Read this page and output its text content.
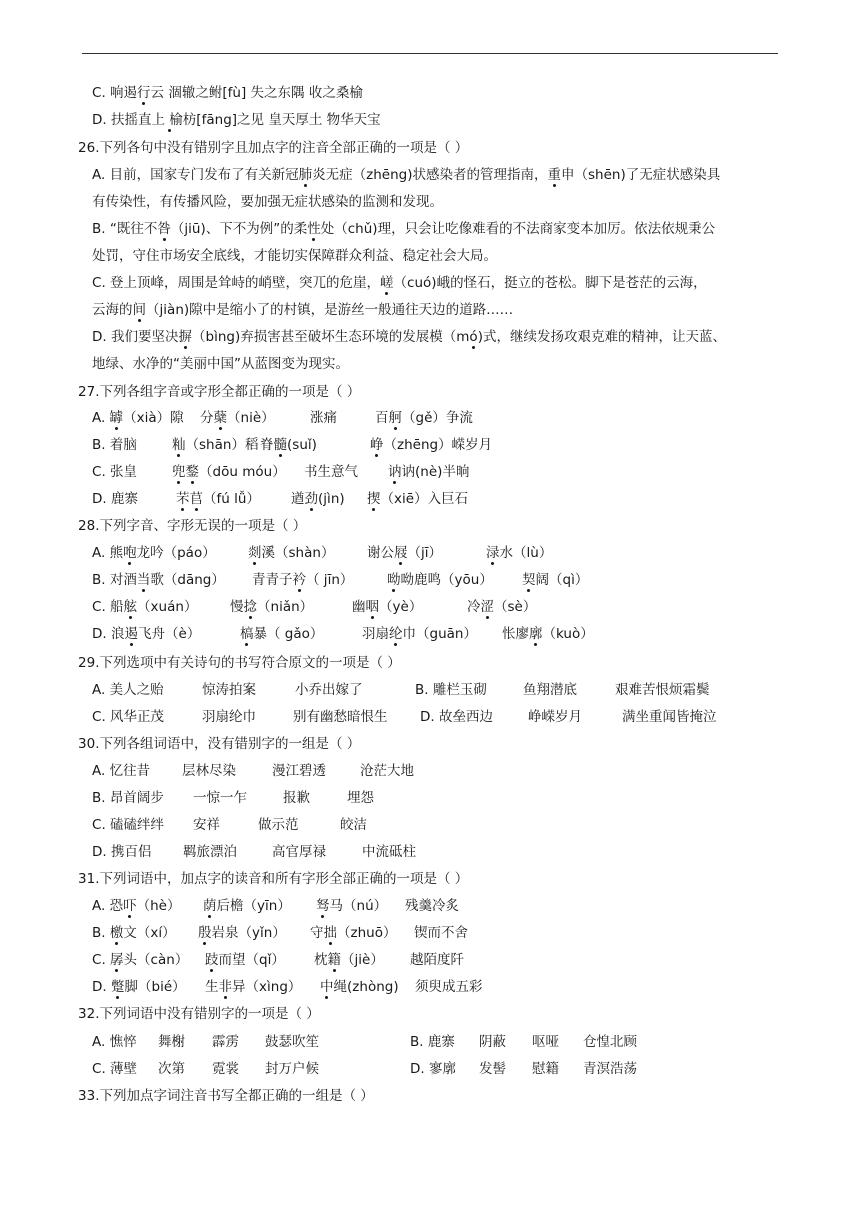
C. 响遏行云 涸辙之鲋[fù] 失之东隅 收之桑榆
D. 扶摇直上 榆枋[fāng]之见 皇天厚土 物华天宝
26.下列各句中没有错别字且加点字的注音全部正确的一项是（ ）
A. 目前，国家专门发布了有关新冠肺炎无症（zhēng)状感染者的管理指南，重申（shēn)了无症状感染具
有传染性，有传播风险，要加强无症状感染的监测和发现。
B. “既往不咎（jiū)、下不为例”的柔性处（chǔ)理，只会让吃像难看的不法商家变本加厉。依法依规秉公
处罚，守住市场安全底线，才能切实保障群众利益、稳定社会大局。
C. 登上顶峰，周围是耸峙的峭壁，突兀的危崖，嵯（cuó)峨的怪石，挺立的苍松。脚下是苍茫的云海，
云海的间（jiàn)隙中是缩小了的村镇，是游丝一般通往天边的道路……
D. 我们要坚决摒（bìng)弃损害甚至破坏生态环境的发展模（mó)式，继续发扬攻艰克难的精神，让天蓝、
地绿、水净的“美丽中国”从蓝图变为现实。
27.下列各组字音或字形全都正确的一项是（ ）
A. 罅（xià）隙 分蘖（niè）	涨痛	百舸（gě）争流
B. 着脑	籼（shān）稻 脊髓(suǐ)	峥（zhēng）嵘岁月
C. 张皇	兜鍪（dōu móu） 书生意气 讷讷(nè)半晌
D. 鹿寨	芣苢（fú lǚ） 遒劲(jìn) 揳（xiē）入巨石
28.下列字音、字形无误的一项是（ ）
A. 熊咆龙吟（páo） 剡溪（shàn） 谢公屐（jī）	渌水（lù）
B. 对酒当歌（dāng） 青青子衿（ jīn） 呦呦鹿鸣（yōu） 契阔（qì）
C. 船舷（xuán） 慢捻（niǎn）	幽咽（yè）	冷涩（sè）
D. 浪遏飞舟（è）	槁暴（ gǎo）	羽扇纶巾（guān） 怅廖廓（kuò）
29.下列选项中有关诗句的书写符合原文的一项是（ ）
A. 美人之贻	惊涛拍案	小乔出嫁了	B. 雕栏玉砌	鱼翔潜底	艰难苦恨烦霜鬓
C. 风华正茂	羽扇纶巾	别有幽愁暗恨生 D. 故垒西边	峥嵘岁月	满坐重闻皆掩泣
30.下列各组词语中，没有错别字的一组是（ ）
A. 忆往昔 层林尽染	漫江碧透	沧茫大地
B. 昂首阔步 一惊一乍	报歉	埋怨
C. 磕磕绊绊 安祥	做示范	皎洁
D. 携百侣 羁旅漂泊	高官厚禄	中流砥柱
31.下列词语中，加点字的读音和所有字形全部正确的一项是（ ）
A. 恐吓（hè） 荫后檐（yīn） 驽马（nú） 残羹冷炙
B. 檄文（xí） 殷岩泉（yǐn） 守拙（zhuō） 锲而不舍
C. 孱头（càn） 跂而望（qǐ） 枕籍（jiè） 越陌度阡
D. 蹩脚（bié） 生非异（xìng） 中绳(zhòng) 须臾成五彩
32.下列词语中没有错别字的一项是（ ）
A. 憔悴 舞榭 霹雳 鼓瑟吹笙	B. 鹿寨 阴蔽 呕哑 仓惶北顾
C. 薄壁 次第 霓裳 封万户候	D. 寥廓 发髻 慰籍 青溟浩荡
33.下列加点字词注音书写全都正确的一组是（ ）
